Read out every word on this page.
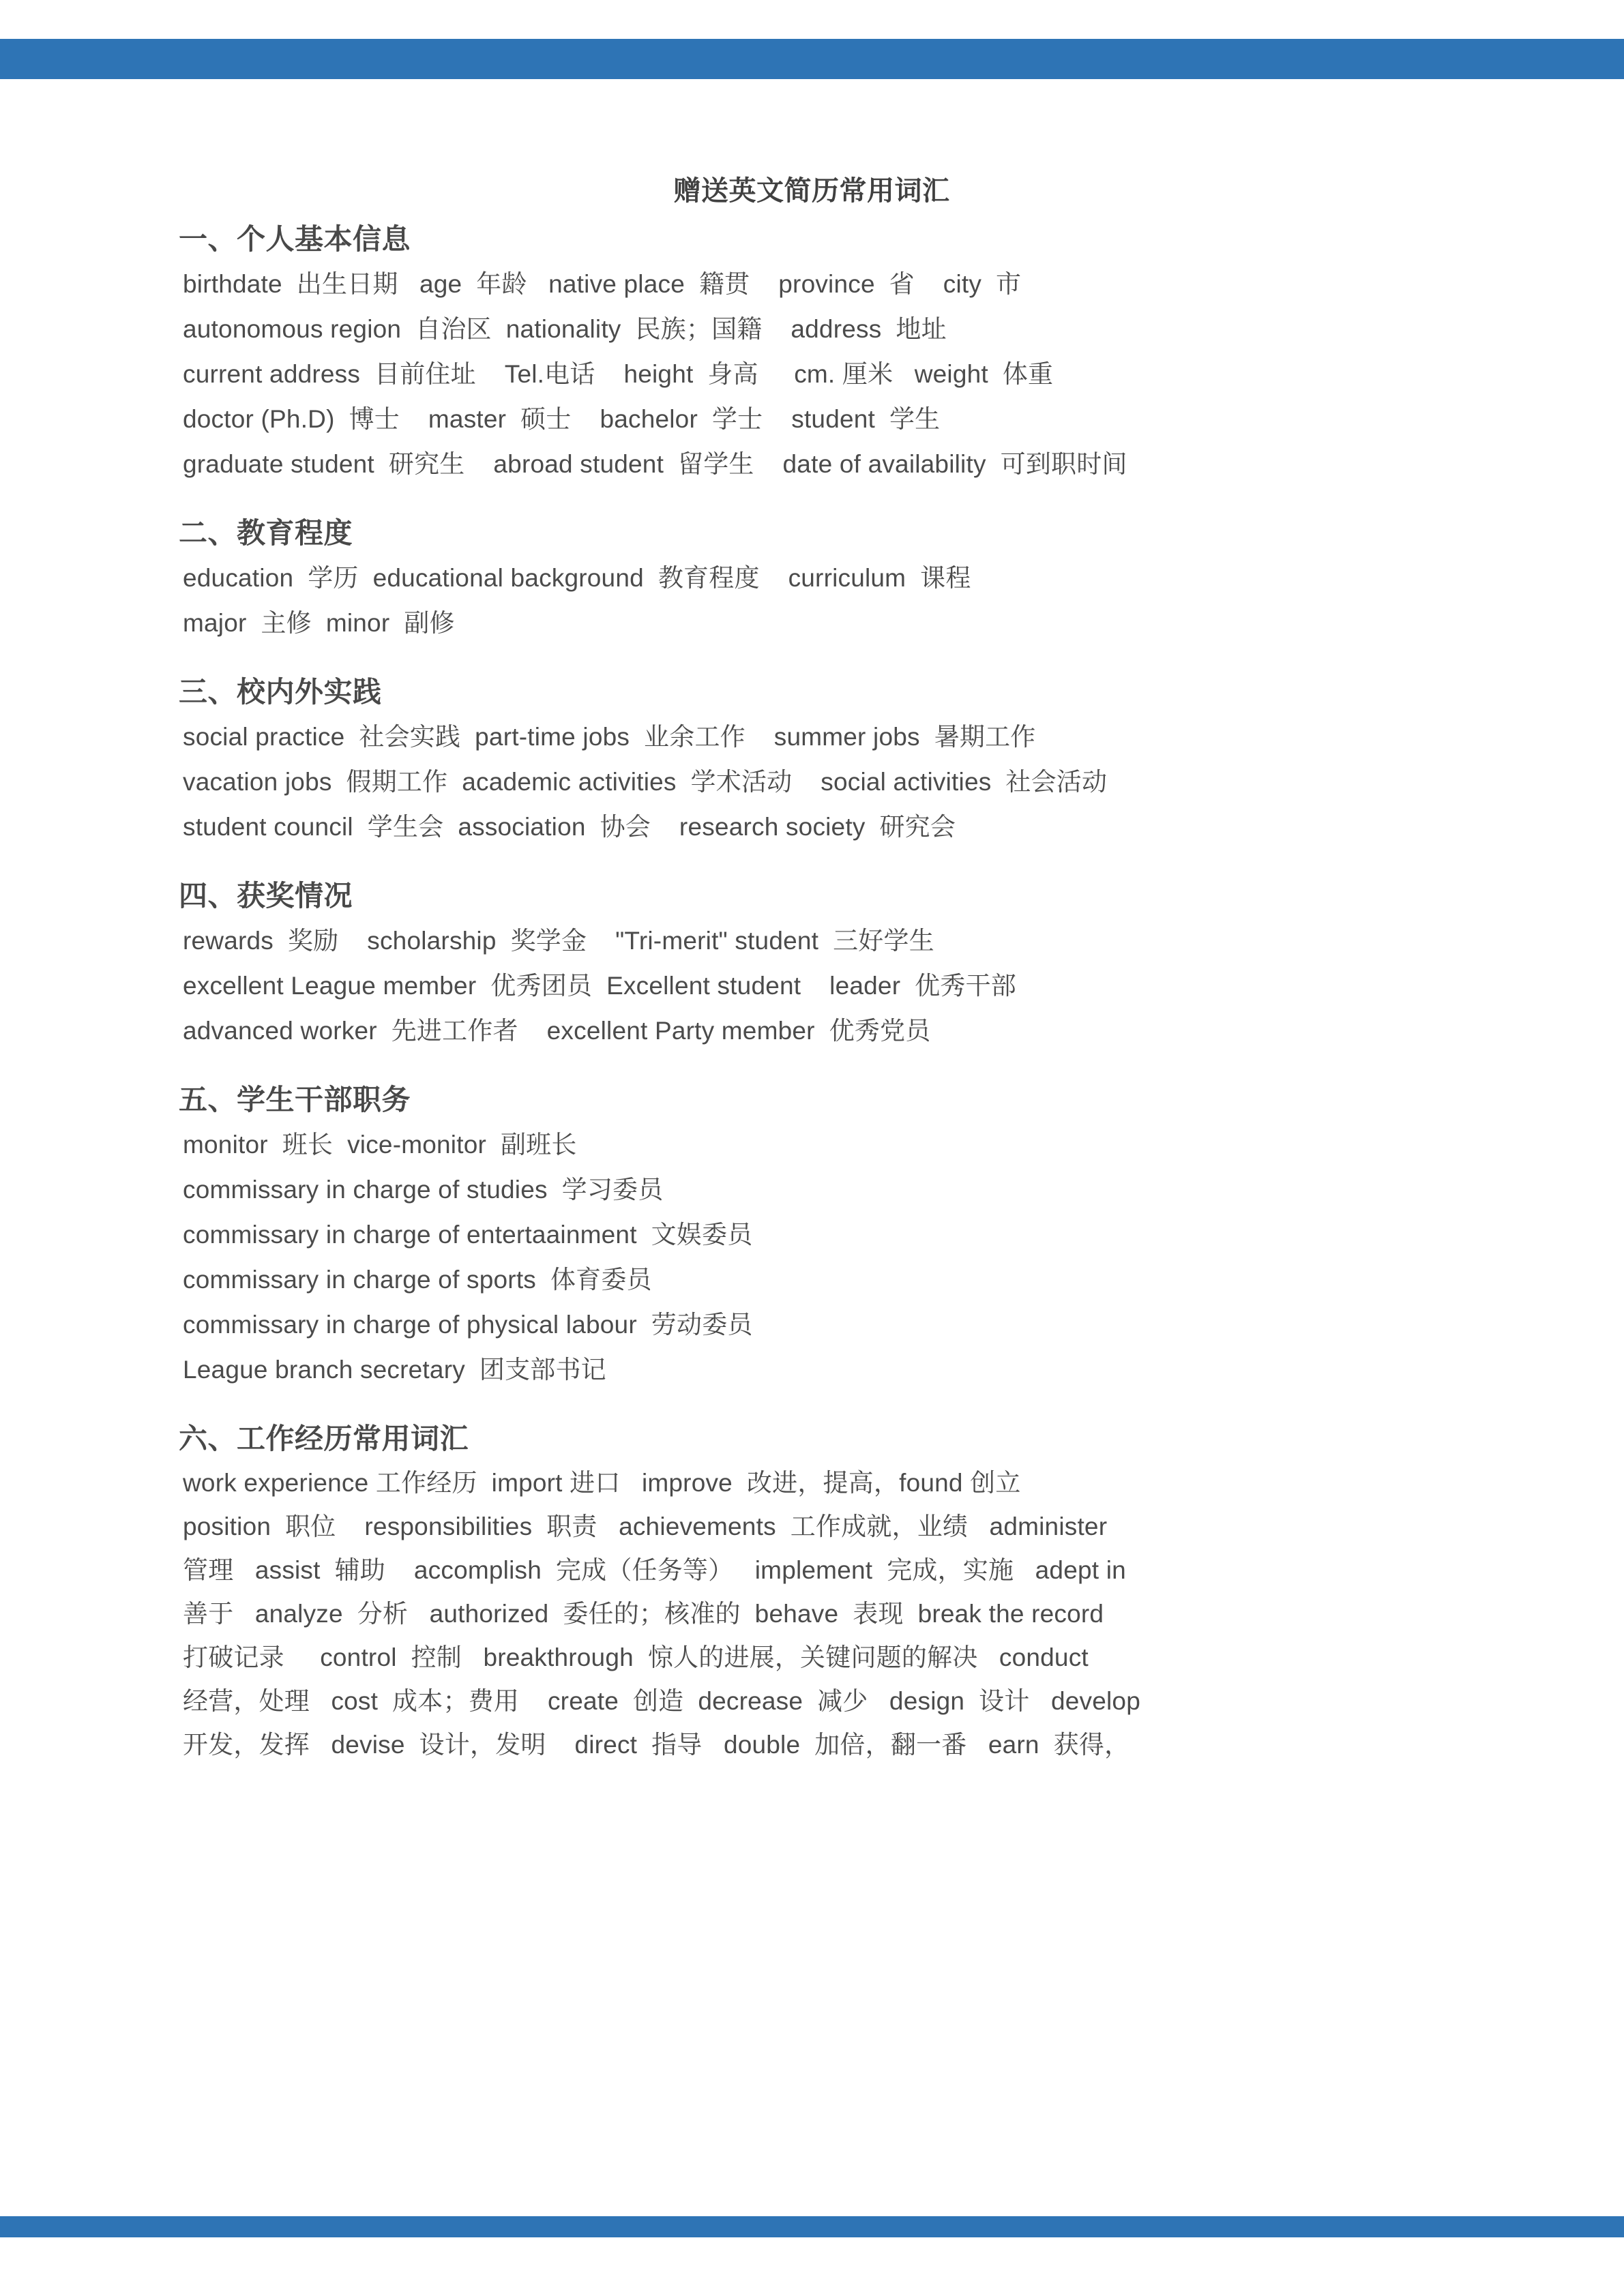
赠送英文简历常用词汇
一、个人基本信息
birthdate  出生日期   age  年龄   native place  籍贯    province  省    city  市
autonomous region  自治区  nationality  民族；国籍    address  地址
current address  目前住址    Tel.电话    height  身高     cm. 厘米   weight  体重
doctor (Ph.D)  博士    master  硕士    bachelor  学士    student  学生
graduate student  研究生    abroad student  留学生    date of availability  可到职时间
二、教育程度
education  学历  educational background  教育程度    curriculum  课程
major  主修  minor  副修
三、校内外实践
social practice  社会实践  part-time jobs  业余工作    summer jobs  暑期工作
vacation jobs  假期工作  academic activities  学术活动    social activities  社会活动
student council  学生会  association  协会    research society  研究会
四、获奖情况
rewards  奖励    scholarship  奖学金    "Tri-merit" student  三好学生
excellent League member  优秀团员  Excellent student    leader  优秀干部
advanced worker  先进工作者    excellent Party member  优秀党员
五、学生干部职务
monitor  班长  vice-monitor  副班长
commissary in charge of studies  学习委员
commissary in charge of entertaainment  文娱委员
commissary in charge of sports  体育委员
commissary in charge of physical labour  劳动委员
League branch secretary  团支部书记
六、工作经历常用词汇
work experience 工作经历  import 进口   improve  改进，提高，found 创立
position  职位    responsibilities  职责   achievements  工作成就，业绩   administer
管理   assist  辅助    accomplish  完成（任务等）   implement  完成，实施   adept in
善于   analyze  分析   authorized  委任的；核准的  behave  表现  break the record
打破记录     control  控制   breakthrough  惊人的进展，关键问题的解决   conduct
经营，处理   cost  成本；费用    create  创造  decrease  减少   design  设计   develop
开发，发挥   devise  设计，发明    direct  指导   double  加倍，翻一番   earn  获得，
